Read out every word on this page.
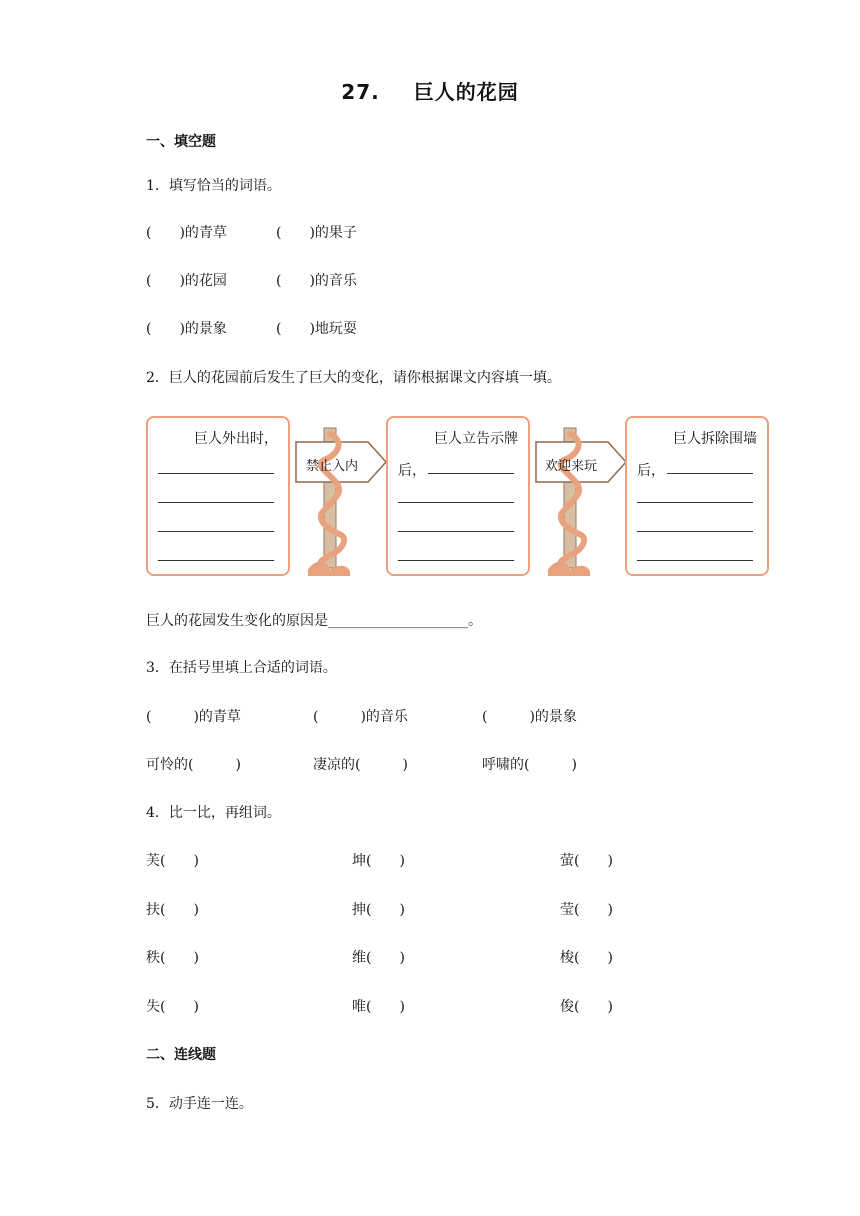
27. 巨人的花园
一、填空题
1．填写恰当的词语。
(　　)的青草	(　　)的果子
(　　)的花园	(　　)的音乐
(　　)的景象	(　　)地玩耍
2．巨人的花园前后发生了巨大的变化，请你根据课文内容填一填。
巨人外出时，
禁止入内
巨人立告示牌
后，	欢迎来玩
巨人拆除围墙
后，
巨人的花园发生变化的原因是____________________。
3．在括号里填上合适的词语。
(　　　)的青草	(　　　)的音乐	(　　　)的景象
可怜的(　　　)	凄凉的(　　　)	呼啸的(　　　)
4．比一比，再组词。
芙(　　)	坤(　　)	萤(　　)
扶(　　)	抻(　　)	莹(　　)
秩(　　)	维(　　)	梭(　　)
失(　　)	唯(　　)	俊(　　)
二、连线题
5．动手连一连。
